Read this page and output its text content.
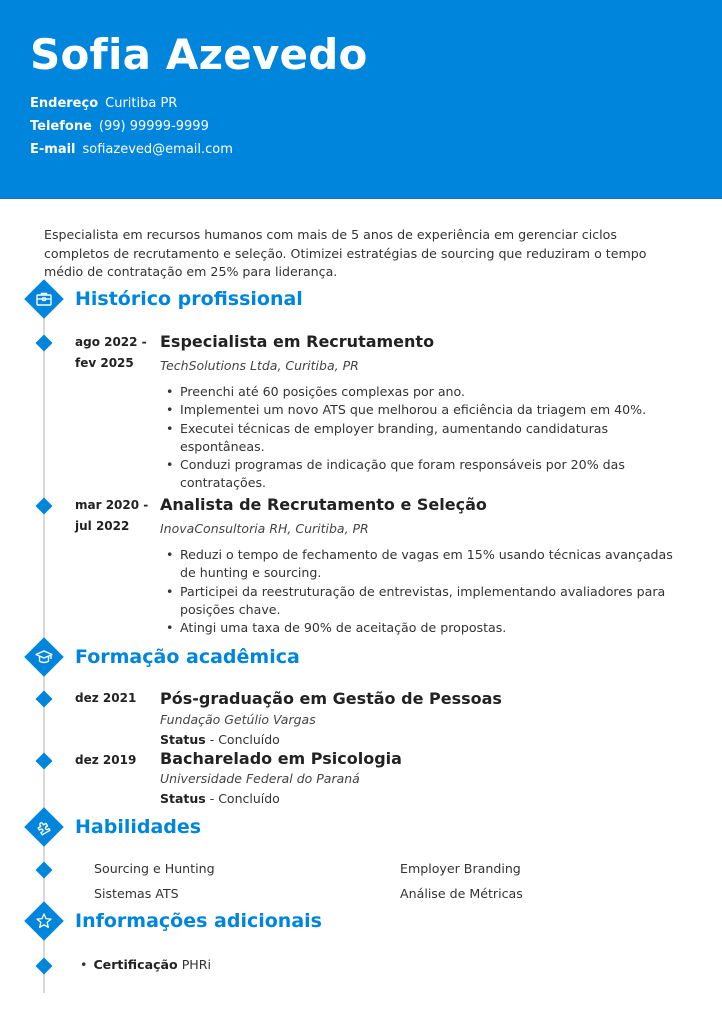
Sofia Azevedo
Endereço Curitiba PR
Telefone (99) 99999-9999
E-mail sofiazeved@email.com

Especialista em recursos humanos com mais de 5 anos de experiência em gerenciar ciclos completos de recrutamento e seleção. Otimizei estratégias de sourcing que reduziram o tempo médio de contratação em 25% para liderança.

Histórico profissional
ago 2022 -
fev 2025
Especialista em Recrutamento
TechSolutions Ltda, Curitiba, PR
• Preenchi até 60 posições complexas por ano.
• Implementei um novo ATS que melhorou a eficiência da triagem em 40%.
• Executei técnicas de employer branding, aumentando candidaturas espontâneas.
• Conduzi programas de indicação que foram responsáveis por 20% das contratações.
mar 2020 -
jul 2022
Analista de Recrutamento e Seleção
InovaConsultoria RH, Curitiba, PR
• Reduzi o tempo de fechamento de vagas em 15% usando técnicas avançadas de hunting e sourcing.
• Participei da reestruturação de entrevistas, implementando avaliadores para posições chave.
• Atingi uma taxa de 90% de aceitação de propostas.
Formação acadêmica
dez 2021 Pós-graduação em Gestão de Pessoas
Fundação Getúlio Vargas
Status - Concluído
dez 2019 Bacharelado em Psicologia
Universidade Federal do Paraná
Status - Concluído
Habilidades
Sourcing e Hunting	Employer Branding
Sistemas ATS	Análise de Métricas
Informações adicionais
• Certificação PHRi
